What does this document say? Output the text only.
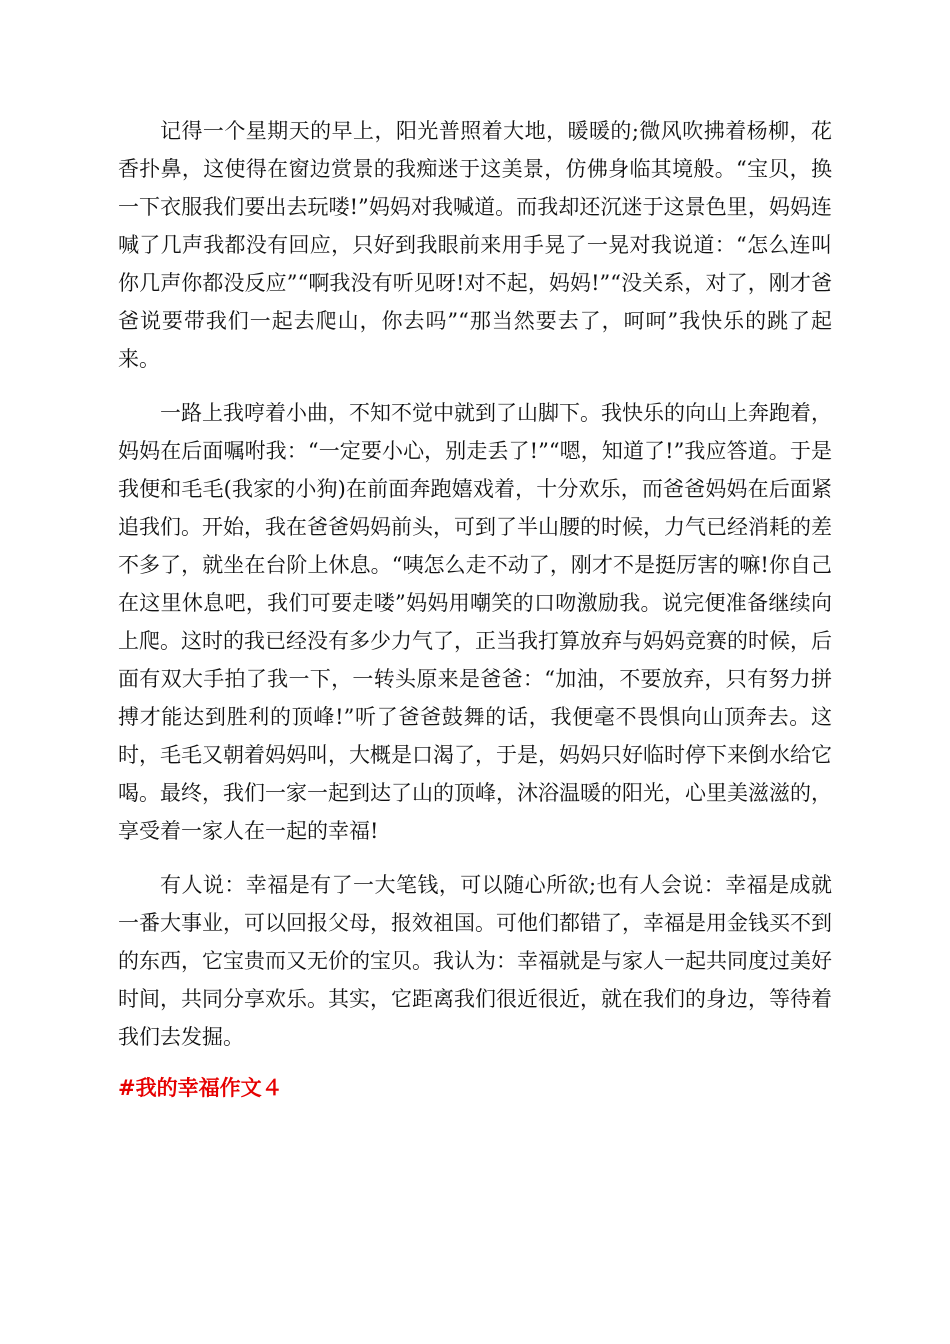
记得一个星期天的早上，阳光普照着大地，暖暖的;微风吹拂着杨柳，花香扑鼻，这使得在窗边赏景的我痴迷于这美景，仿佛身临其境般。“宝贝，换一下衣服我们要出去玩喽!”妈妈对我喊道。而我却还沉迷于这景色里，妈妈连喊了几声我都没有回应，只好到我眼前来用手晃了一晃对我说道：“怎么连叫你几声你都没反应”“啊我没有听见呀!对不起，妈妈!”“没关系，对了，刚才爸爸说要带我们一起去爬山，你去吗”“那当然要去了，呵呵”我快乐的跳了起来。

一路上我哼着小曲，不知不觉中就到了山脚下。我快乐的向山上奔跑着，妈妈在后面嘱咐我：“一定要小心，别走丢了!”“嗯，知道了!”我应答道。于是我便和毛毛(我家的小狗)在前面奔跑嬉戏着，十分欢乐，而爸爸妈妈在后面紧追我们。开始，我在爸爸妈妈前头，可到了半山腰的时候，力气已经消耗的差不多了，就坐在台阶上休息。“咦怎么走不动了，刚才不是挺厉害的嘛!你自己在这里休息吧，我们可要走喽”妈妈用嘲笑的口吻激励我。说完便准备继续向上爬。这时的我已经没有多少力气了，正当我打算放弃与妈妈竞赛的时候，后面有双大手拍了我一下，一转头原来是爸爸：“加油，不要放弃，只有努力拼搏才能达到胜利的顶峰!”听了爸爸鼓舞的话，我便毫不畏惧向山顶奔去。这时，毛毛又朝着妈妈叫，大概是口渴了，于是，妈妈只好临时停下来倒水给它喝。最终，我们一家一起到达了山的顶峰，沐浴温暖的阳光，心里美滋滋的，享受着一家人在一起的幸福!

有人说：幸福是有了一大笔钱，可以随心所欲;也有人会说：幸福是成就一番大事业，可以回报父母，报效祖国。可他们都错了，幸福是用金钱买不到的东西，它宝贵而又无价的宝贝。我认为：幸福就是与家人一起共同度过美好时间，共同分享欢乐。其实，它距离我们很近很近，就在我们的身边，等待着我们去发掘。

#我的幸福作文４
